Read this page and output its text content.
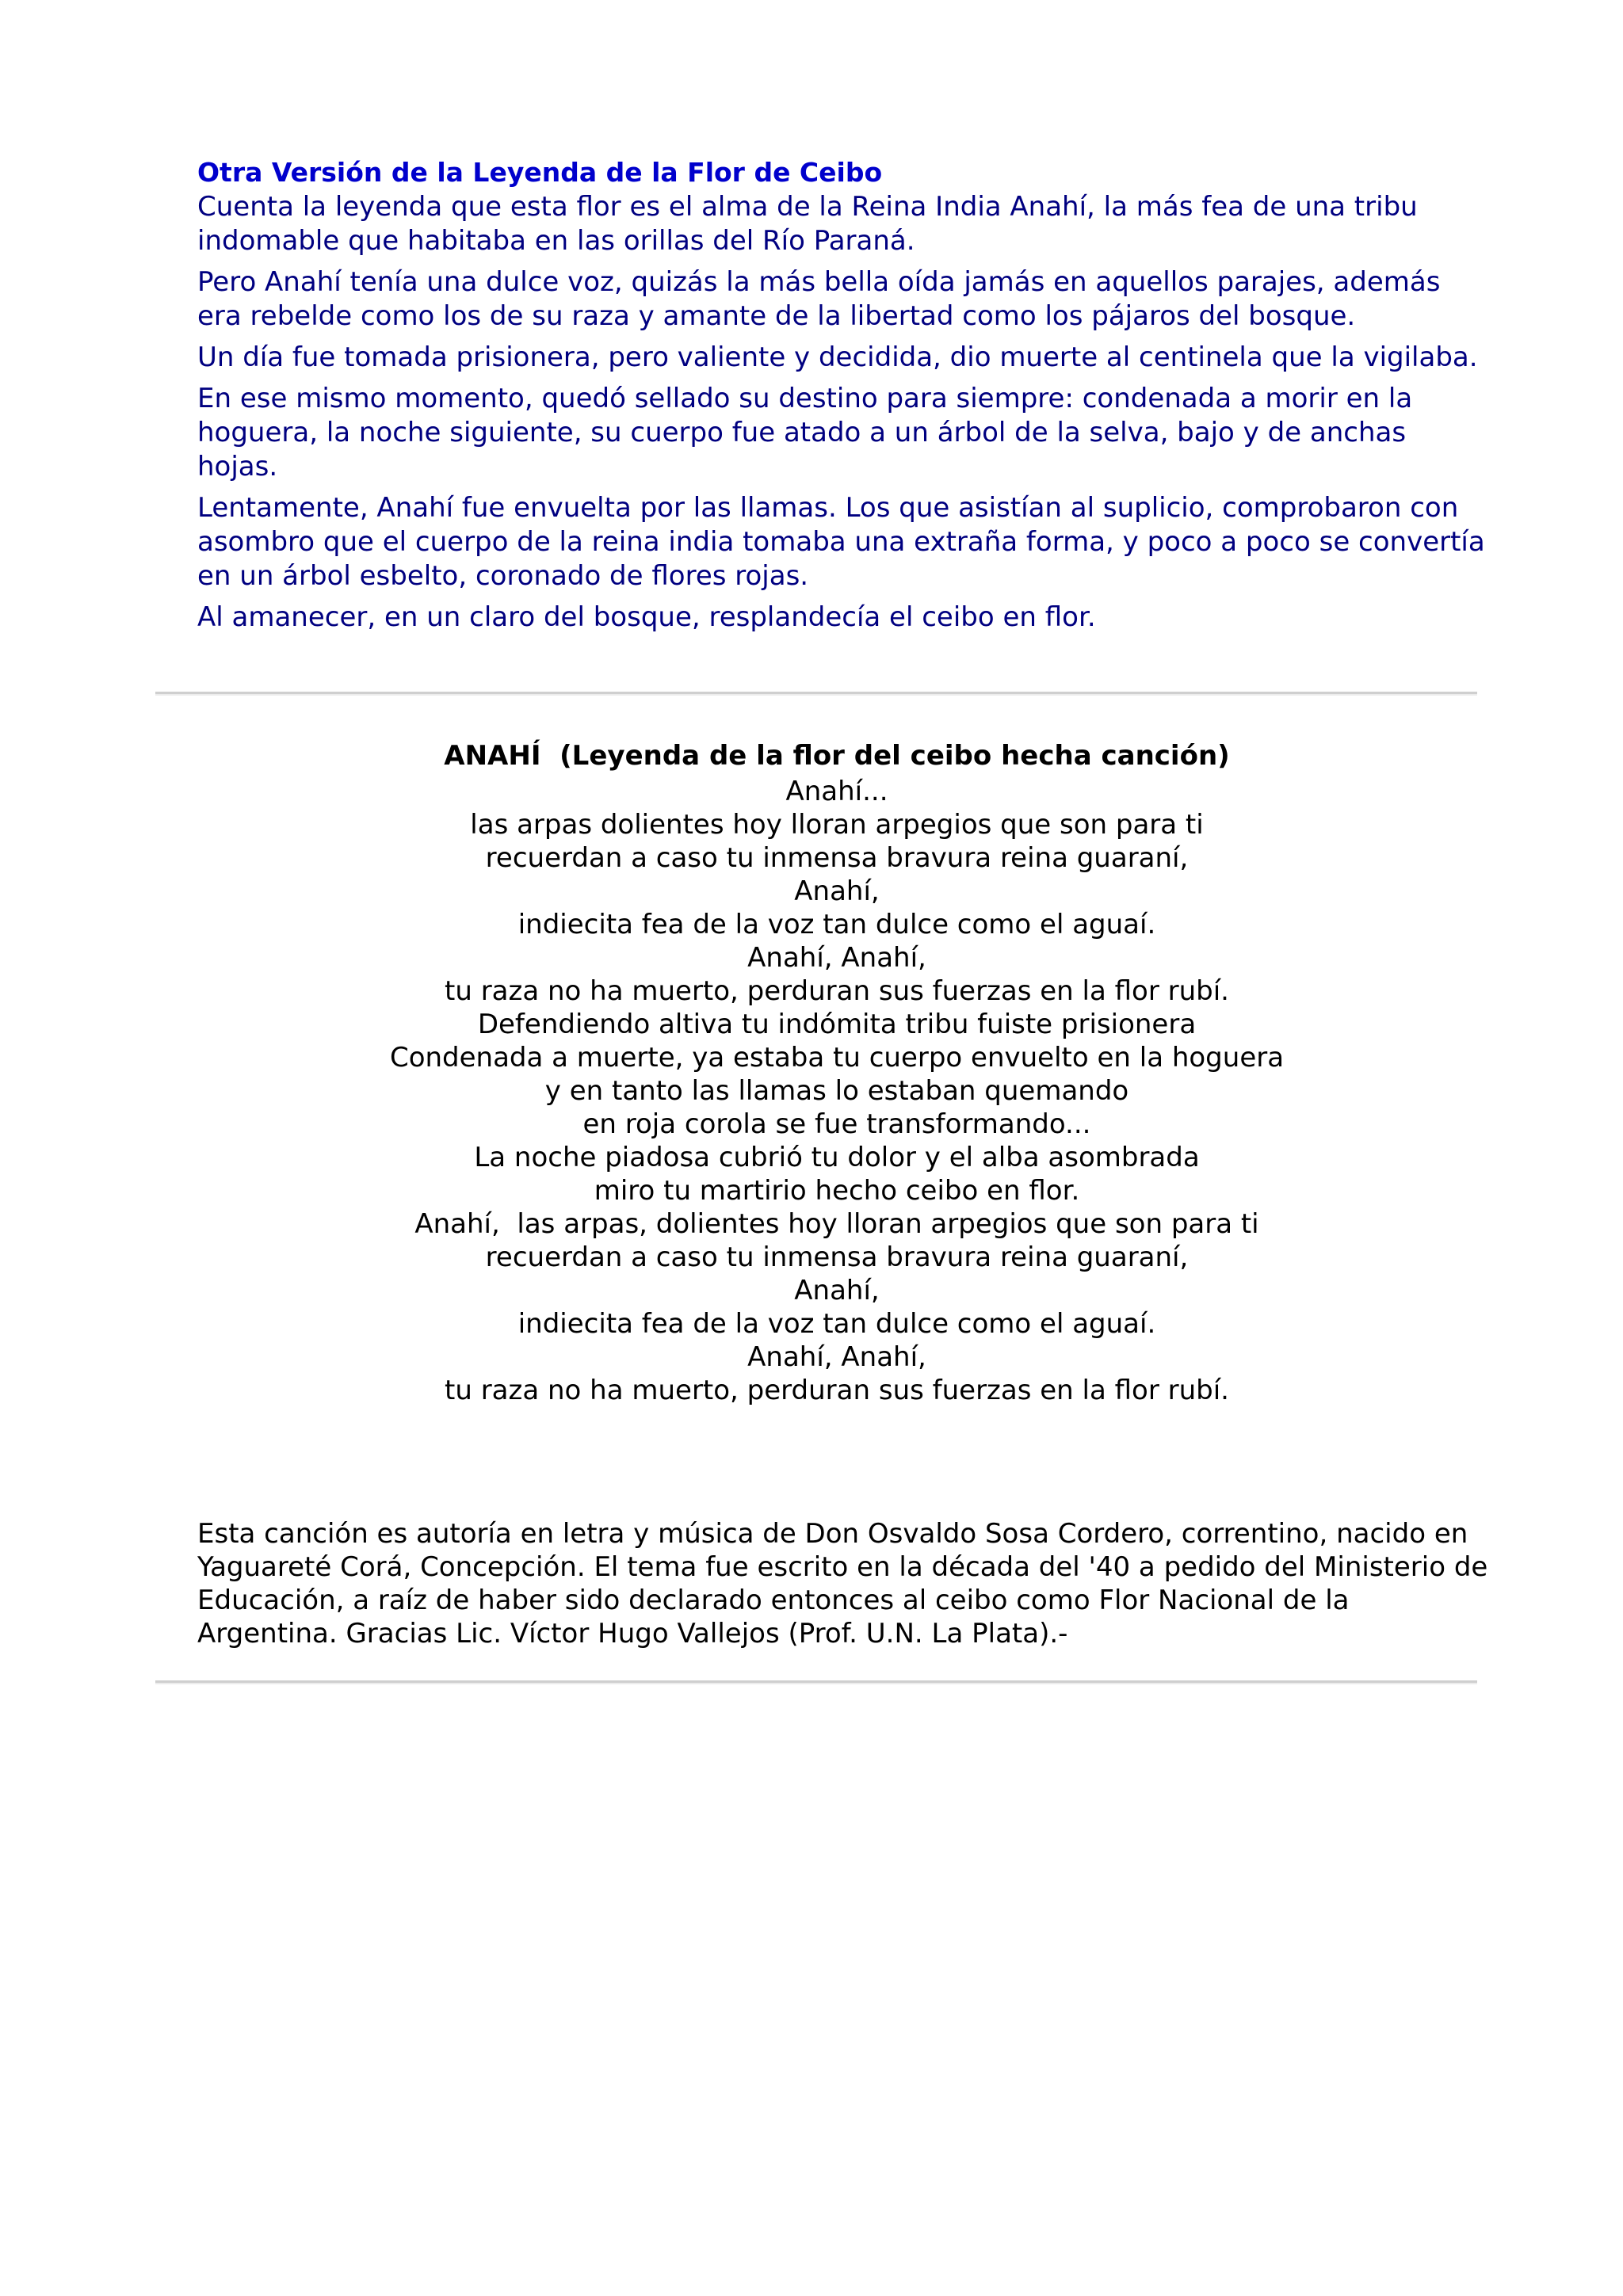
Otra Versión de la Leyenda de la Flor de Ceibo

Cuenta la leyenda que esta flor es el alma de la Reina India Anahí, la más fea de una tribu indomable que habitaba en las orillas del Río Paraná.

Pero Anahí tenía una dulce voz, quizás la más bella oída jamás en aquellos parajes, además era rebelde como los de su raza y amante de la libertad como los pájaros del bosque.

Un día fue tomada prisionera, pero valiente y decidida, dio muerte al centinela que la vigilaba.

En ese mismo momento, quedó sellado su destino para siempre: condenada a morir en la hoguera, la noche siguiente, su cuerpo fue atado a un árbol de la selva, bajo y de anchas hojas.

Lentamente, Anahí fue envuelta por las llamas. Los que asistían al suplicio, comprobaron con asombro que el cuerpo de la reina india tomaba una extraña forma, y poco a poco se convertía en un árbol esbelto, coronado de flores rojas.

Al amanecer, en un claro del bosque, resplandecía el ceibo en flor.

ANAHÍ  (Leyenda de la flor del ceibo hecha canción)

Anahí...

las arpas dolientes hoy lloran arpegios que son para ti

recuerdan a caso tu inmensa bravura reina guaraní,

Anahí,

indiecita fea de la voz tan dulce como el aguaí.

Anahí, Anahí,

tu raza no ha muerto, perduran sus fuerzas en la flor rubí.

Defendiendo altiva tu indómita tribu fuiste prisionera

Condenada a muerte, ya estaba tu cuerpo envuelto en la hoguera

y en tanto las llamas lo estaban quemando

en roja corola se fue transformando...

La noche piadosa cubrió tu dolor y el alba asombrada

miro tu martirio hecho ceibo en flor.

Anahí,  las arpas, dolientes hoy lloran arpegios que son para ti

recuerdan a caso tu inmensa bravura reina guaraní,

Anahí,

indiecita fea de la voz tan dulce como el aguaí.

Anahí, Anahí,

tu raza no ha muerto, perduran sus fuerzas en la flor rubí.

Esta canción es autoría en letra y música de Don Osvaldo Sosa Cordero, correntino, nacido en Yaguareté Corá, Concepción. El tema fue escrito en la década del '40 a pedido del Ministerio de Educación, a raíz de haber sido declarado entonces al ceibo como Flor Nacional de la Argentina. Gracias Lic. Víctor Hugo Vallejos (Prof. U.N. La Plata).-
